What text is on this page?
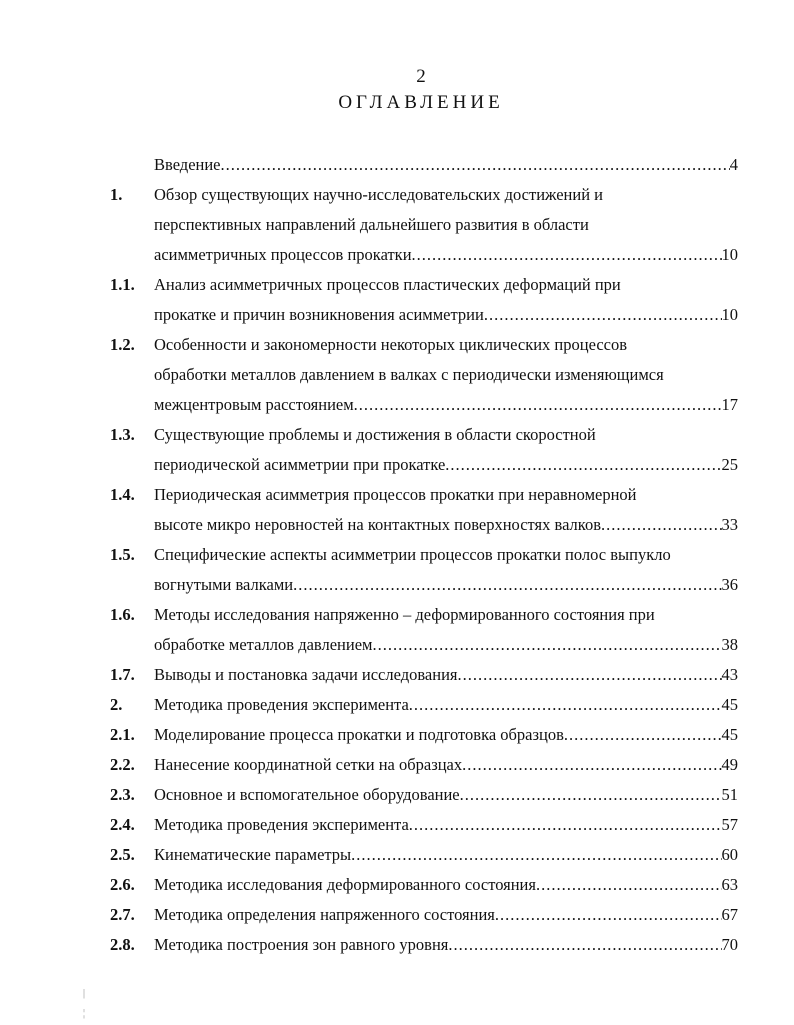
2
ОГЛАВЛЕНИЕ
Введение .....	4
1. Обзор существующих научно-исследовательских достижений и
перспективных направлений дальнейшего развития в области
асимметричных процессов прокатки .....	10
1.1. Анализ асимметричных процессов пластических деформаций при
прокатке и причин возникновения асимметрии .....	10
1.2. Особенности и закономерности некоторых циклических процессов
обработки металлов давлением в валках с периодически изменяющимся
межцентровым расстоянием .....	17
1.3. Существующие проблемы и достижения в области скоростной
периодической асимметрии при прокатке .....	25
1.4. Периодическая асимметрия процессов прокатки при неравномерной
высоте микро неровностей на контактных поверхностях валков .....	33
1.5. Специфические аспекты асимметрии процессов прокатки полос выпукло
вогнутыми валками .....	36
1.6. Методы исследования напряженно – деформированного состояния при
обработке металлов давлением .....	38
1.7. Выводы и постановка задачи исследования .....	43
2. Методика проведения эксперимента .....	45
2.1. Моделирование процесса прокатки и подготовка образцов .....	45
2.2. Нанесение координатной сетки на образцах .....	49
2.3. Основное и вспомогательное оборудование .....	51
2.4. Методика проведения эксперимента .....	57
2.5. Кинематические параметры .....	60
2.6. Методика исследования деформированного состояния .....	63
2.7. Методика определения напряженного состояния .....	67
2.8. Методика построения зон равного уровня .....	70
|
¦
